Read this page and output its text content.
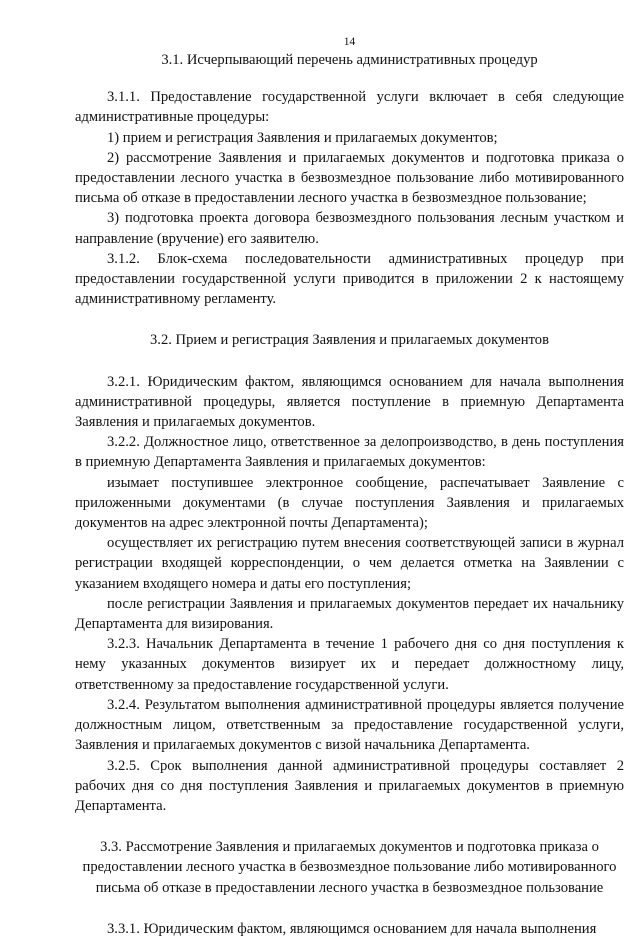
14
3.1. Исчерпывающий перечень административных процедур

3.1.1. Предоставление государственной услуги включает в себя следующие административные процедуры:

1) прием и регистрация Заявления и прилагаемых документов;

2) рассмотрение Заявления и прилагаемых документов и подготовка приказа о предоставлении лесного участка в безвозмездное пользование либо мотивированного письма об отказе в предоставлении лесного участка в безвозмездное пользование;

3) подготовка проекта договора безвозмездного пользования лесным участком и направление (вручение) его заявителю.

3.1.2. Блок-схема последовательности административных процедур при предоставлении государственной услуги приводится в приложении 2 к настоящему административному регламенту.

3.2. Прием и регистрация Заявления и прилагаемых документов

3.2.1. Юридическим фактом, являющимся основанием для начала выполнения административной процедуры, является поступление в приемную Департамента Заявления и прилагаемых документов.

3.2.2. Должностное лицо, ответственное за делопроизводство, в день поступления в приемную Департамента Заявления и прилагаемых документов:

изымает поступившее электронное сообщение, распечатывает Заявление с приложенными документами (в случае поступления Заявления и прилагаемых документов на адрес электронной почты Департамента);

осуществляет их регистрацию путем внесения соответствующей записи в журнал регистрации входящей корреспонденции, о чем делается отметка на Заявлении с указанием входящего номера и даты его поступления;

после регистрации Заявления и прилагаемых документов передает их начальнику Департамента для визирования.

3.2.3. Начальник Департамента в течение 1 рабочего дня со дня поступления к нему указанных документов визирует их и передает должностному лицу, ответственному за предоставление государственной услуги.

3.2.4. Результатом выполнения административной процедуры является получение должностным лицом, ответственным за предоставление государственной услуги, Заявления и прилагаемых документов с визой начальника Департамента.

3.2.5. Срок выполнения данной административной процедуры составляет 2 рабочих дня со дня поступления Заявления и прилагаемых документов в приемную Департамента.

3.3. Рассмотрение Заявления и прилагаемых документов и подготовка приказа о предоставлении лесного участка в безвозмездное пользование либо мотивированного письма об отказе в предоставлении лесного участка в безвозмездное пользование

3.3.1. Юридическим фактом, являющимся основанием для начала выполнения
